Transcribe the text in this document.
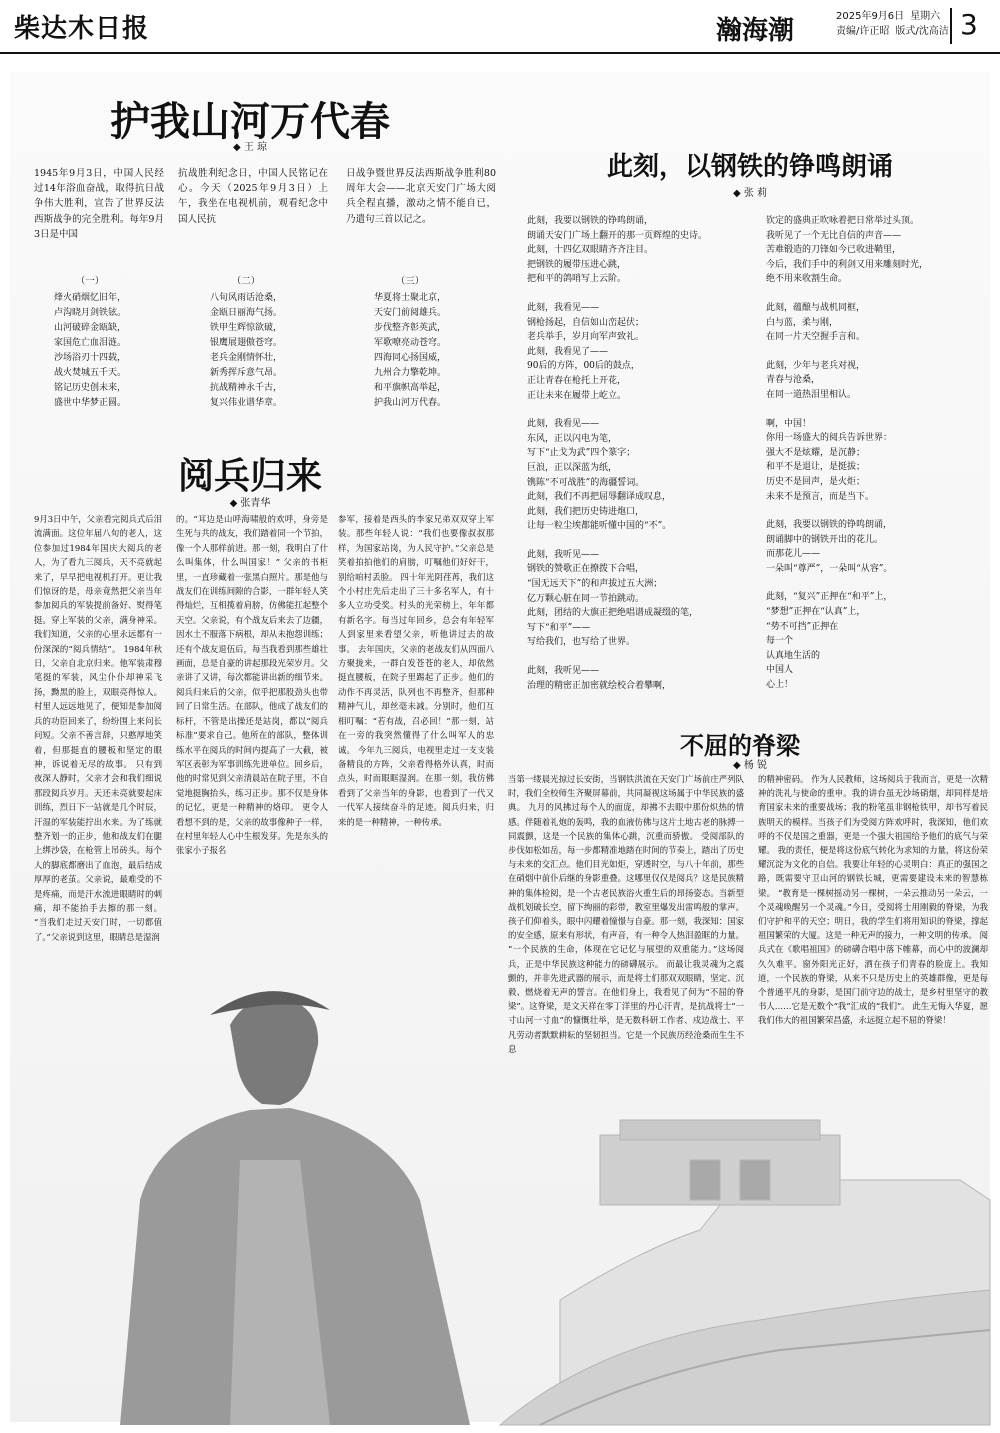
柴达木日报	瀚海潮	2025年9月6日 星期六
责编/许正昭 版式/沈高洁 3
护我山河万代春
◆ 王 琼

1945年9月3日，中国人民经过14年浴血奋战，取得抗日战争伟大胜利，宣告了世界反法西斯战争的完全胜利。每年9月3日是中国

抗战胜利纪念日，中国人民铭记在心。今天（2025年9月3日）上午，我坐在电视机前，观看纪念中国人民抗

日战争暨世界反法西斯战争胜利80周年大会——北京天安门广场大阅兵全程直播，激动之情不能自已，乃遣句三首以记之。

（一）
烽火硝烟忆旧年，
卢沟晓月剑铁铉。
山河破碎金瓯缺，
家国危亡血泪涟。
沙场浴刃十四载，
战火焚城五千天。
铭记历史创未来，
盛世中华梦正圆。
（二）
八旬风雨话沧桑，
金瓯日丽海气扬。
铁甲生辉惊欲破，
银鹰展翅傲苍穹。
老兵金刚情怀壮，
新秀挥斥意气昂。
抗战精神永千古，
复兴伟业谱华章。
（三）
华夏将士聚北京，
天安门前阅雄兵。
步伐整齐彰英武，
军歌嘹亮动苍穹。
四海同心扬国威，
九州合力擎乾坤。
和平旗帜高举起，
护我山河万代春。
此刻，以钢铁的铮鸣朗诵
◆ 张 莉
此刻，我要以钢铁的铮鸣朗诵，
朗诵天安门广场上翻开的那一页辉煌的史诗。
此刻，十四亿双眼睛齐齐注目。
把钢铁的履带压进心跳，
把和平的鸽哨写上云阶。
此刻，我看见——
钢枪扬起，自信如山峦起伏；
老兵举手，岁月向军声致礼。
此刻，我看见了——
90后的方阵，00后的鼓点，
正让青春在枪托上开花，
正让未来在履带上屹立。
此刻，我看见——
东风，正以闪电为笔，
写下“止戈为武”四个篆字；
巨浪，正以深蓝为纸，
镌陈“不可战胜”的海疆誓词。
此刻，我们不再把屈辱翻译成叹息，
此刻，我们把历史铸进炮口，
让每一粒尘埃都能听懂中国的“不”。
此刻，我听见——
钢铁的赞歌正在撩拨下合唱，
“国无远天下”的和声拔过五大洲；
亿万颗心脏在同一节拍跳动。
此刻，团结的大旗正把绝唱谱成凝缀的笔，
写下“和平”——
写给我们，也写给了世界。
此刻，我听见——
治理的精密正加密就绘校合着攀啊，
钦定的盛典正吹咏着把日常举过头顶。
我听见了一个无比自信的声音——
苦难锻造的刀锋如今已收进鞘里，
今后，我们手中的利剑又用来雕刻时光，
绝不用来收割生命。
此刻，蕴酿与战机同框，
白与蓝，柔与刚，
在同一片天空握手言和。
此刻，少年与老兵对视，
青春与沧桑，
在同一道热泪里相认。
啊，中国！
你用一场盛大的阅兵告诉世界：
强大不是炫耀，是沉静；
和平不是退让，是挺拔；
历史不是回声，是火炬；
未来不是预言，而是当下。
此刻，我要以钢铁的铮鸣朗诵，
朗诵脚中的钢铁开出的花儿。
而那花儿——
一朵叫“尊严”，一朵叫“从容”。
此刻，“复兴”正押在“和平”上，
“梦想”正押在“认真”上，
“势不可挡”正押在
每一个
认真地生活的
中国人
心上！
阅兵归来
◆ 张青华

9月3日中午，父亲看完阅兵式后泪流满面。这位年届八旬的老人，这位参加过1984年国庆大阅兵的老人，为了看九三阅兵，天不亮就起来了，早早把电视机打开。更让我们惊讶的是，母亲竟然把父亲当年参加阅兵的军装提前备好、熨得笔挺。穿上军装的父亲，满身神采。我们知道，父亲的心里永远都有一份深深的“阅兵情结”。 1984年秋日，父亲自北京归来。他军装肃穆笔挺的军装，风尘仆仆却神采飞扬，黝黑的脸上，双眼亮得惊人。村里人远远地见了，便知是参加阅兵的功臣回来了，纷纷围上来问长问短。父亲不善言辞，只憨厚地笑着，但那挺直的腰板和坚定的眼神，诉说着无尽的故事。 只有到夜深人静时，父亲才会和我们细说那段阅兵岁月。天还未亮就要起床训练，烈日下一站就是几个时辰，汗湿的军装能拧出水来。为了练就整齐划一的正步，他和战友们在腿上绑沙袋，在枪管上吊砖头。每个人的脚底都磨出了血泡，最后结成厚厚的老茧。父亲说，最难受的不是疼痛，而是汗水流进眼睛时的刺痛，却不能抬手去擦的那一刻。 “当我们走过天安门时，一切都值了。”父亲说到这里，眼睛总是湿润

的。“耳边是山呼海啸般的欢呼，身旁是生死与共的战友，我们踏着同一个节拍，像一个人那样前进。那一刻，我明白了什么叫集体，什么叫国家！” 父亲的书柜里，一直珍藏着一张黑白照片。那是他与战友们在训练间隙的合影，一群年轻人笑得灿烂，互相揽着肩膀，仿佛能扛起整个天空。父亲说，有个战友后来去了边疆，因水土不服落下病根，却从未抱怨训练；还有个战友退伍后，每当我看到那些雄壮画面，总是自豪的讲起那段光荣岁月。父亲讲了又讲，每次都能讲出新的细节来。 阅兵归来后的父亲，似乎把那股劲头也带回了日常生活。在部队，他成了战友们的标杆，不管是出操还是站岗，都以“阅兵标准”要求自己。他所在的部队，整体训练水平在阅兵的时间内提高了一大截，被军区表彰为军事训练先进单位。回乡后，他的时常见到父亲清晨站在院子里，不自觉地挺胸抬头，练习正步。那不仅是身体的记忆，更是一种精神的烙印。 更令人看想不到的是，父亲的故事像种子一样，在村里年轻人心中生根发芽。先是东头的张家小子报名

参军，接着是西头的李家兄弟双双穿上军装。那些年轻人说：“我们也要像叔叔那样，为国家站岗，为人民守护。”父亲总是笑着拍拍他们的肩膀，叮嘱他们好好干，别给咱村丢脸。 四十年光阴荏苒，我们这个小村庄先后走出了三十多名军人，有十多人立功受奖。村头的光荣榜上，年年都有新名字。每当过年回乡，总会有年轻军人到家里来看望父亲，听他讲过去的故事。 去年国庆，父亲的老战友们从四面八方聚拢来，一群白发苍苍的老人，却依然挺直腰板，在院子里踢起了正步。他们的动作不再灵活，队列也不再整齐，但那种精神气儿，却丝毫未减。分别时，他们互相叮嘱：“若有战，召必回！”那一刻，站在一旁的我突然懂得了什么叫军人的忠诚。 今年九三阅兵，电视里走过一支支装备精良的方阵，父亲看得格外认真，时而点头，时而眼眶湿润。在那一刻，我仿佛看到了父亲当年的身影，也看到了一代又一代军人接续奋斗的足迹。阅兵归来，归来的是一种精神，一种传承。

不屈的脊梁
◆ 杨 锐

当第一缕晨光掠过长安街，当钢铁洪流在天安门广场前庄严列队时，我们全校师生齐聚屏幕前，共同凝视这场属于中华民族的盛典。 九月的风拂过每个人的面庞，却拂不去眼中那份炽热的情感。伴随着礼炮的轰鸣，我的血液仿佛与这片土地古老的脉搏一同震颤，这是一个民族的集体心跳，沉重而骄傲。 受阅部队的步伐如松如岳，每一步都精准地踏在时间的节奏上，踏出了历史与未来的交汇点。他们目光如炬，穿透时空，与八十年前，那些在硝烟中前仆后继的身影重叠。这哪里仅仅是阅兵？这是民族精神的集体检阅，是一个古老民族浴火重生后的昂扬姿态。当新型战机划破长空，留下绚丽的彩带，教室里爆发出雷鸣般的掌声。孩子们仰着头，眼中闪耀着憧憬与自豪。那一刻，我深知：国家的安全感，原来有形状，有声音，有一种令人热泪盈眶的力量。 “一个民族的生命，体现在它记忆与展望的双重能力。”这场阅兵，正是中华民族这种能力的磅礴展示。 而最让我灵魂为之震颤的，并非先进武器的展示，而是将士们那双双眼睛，坚定、沉毅、燃烧着无声的誓言。在他们身上，我看见了何为“不屈的脊梁”。这脊梁，是文天祥在零丁洋里的丹心汗青，是抗战将士“一寸山河一寸血”的慷慨壮举，是无数科研工作者、戍边战士、平凡劳动者默默耕耘的坚韧担当。它是一个民族历经沧桑而生生不息

的精神密码。 作为人民教师，这场阅兵于我而言，更是一次精神的洗礼与使命的重申。我的讲台虽无沙场硝烟，却同样是培育国家未来的重要战场；我的粉笔虽非钢枪铁甲，却书写着民族明天的模样。当孩子们为受阅方阵欢呼时，我深知，他们欢呼的不仅是国之重器，更是一个强大祖国给予他们的底气与荣耀。 我的责任，便是将这份底气转化为求知的力量，将这份荣耀沉淀为文化的自信。我要让年轻的心灵明白：真正的强国之路，既需要守卫山河的钢铁长城，更需要建设未来的智慧栋梁。 “教育是一棵树摇动另一棵树，一朵云推动另一朵云，一个灵魂唤醒另一个灵魂。”今日，受阅将士用刚毅的脊梁，为我们守护和平的天空；明日，我的学生们将用知识的脊梁，撑起祖国繁荣的大厦。这是一种无声的接力，一种文明的传承。 阅兵式在《歌唱祖国》的磅礴合唱中落下帷幕，而心中的波澜却久久难平。窗外阳光正好，洒在孩子们青春的脸庞上。我知道，一个民族的脊梁，从来不只是历史上的英雄群像，更是每个普通平凡的身影，是国门前守边的战士，是乡村里坚守的教书人……它是无数个“我”汇成的“我们”。 此生无悔入华夏，愿我们伟大的祖国繁荣昌盛，永远挺立起不屈的脊梁！
